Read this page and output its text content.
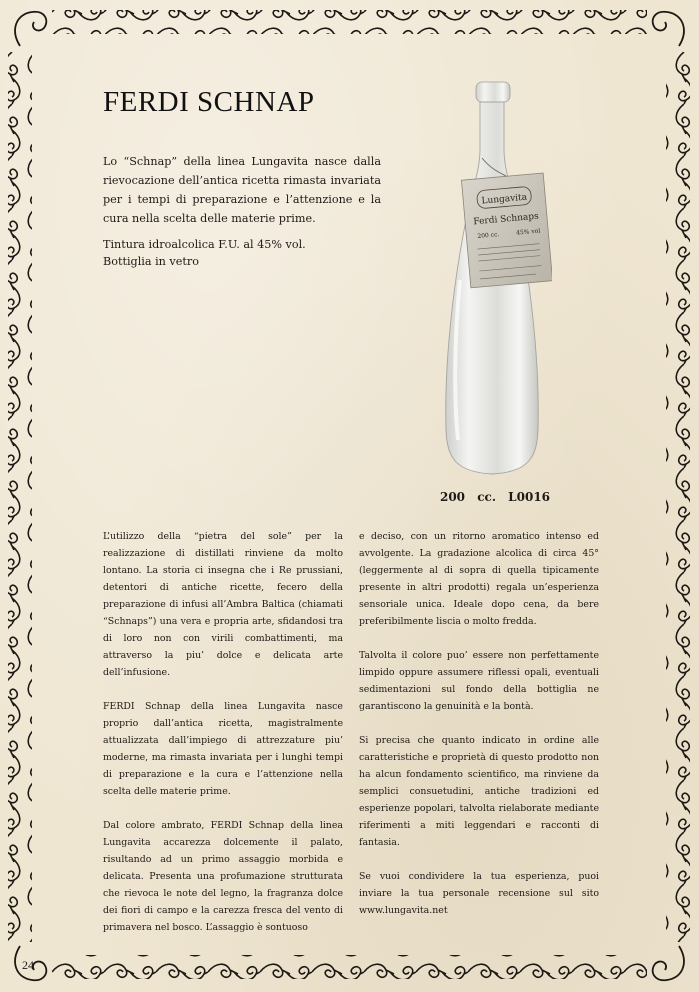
FERDI SCHNAP

Lo “Schnap” della linea Lungavita nasce dalla rievocazione dell’antica ricetta rimasta invariata per i tempi di preparazione e l’attenzione e la cura nella scelta delle materie prime.

Tintura idroalcolica F.U. al 45% vol.
Bottiglia in vetro
Lungavita
Ferdi Schnaps
200 cc.	45% vol
200 cc. L0016

L’utilizzo della “pietra del sole” per la realizzazione di distillati rinviene da molto lontano. La storia ci insegna che i Re prussiani, detentori di antiche ricette, fecero della preparazione di infusi all’Ambra Baltica (chiamati “Schnaps”) una vera e propria arte, sfidandosi tra di loro non con virili combattimenti, ma attraverso la piu’ dolce e delicata arte dell’infusione.

FERDI Schnap della linea Lungavita nasce proprio dall’antica ricetta, magistralmente attualizzata dall’impiego di attrezzature piu’ moderne, ma rimasta invariata per i lunghi tempi di preparazione e la cura e l’attenzione nella scelta delle materie prime.

Dal colore ambrato, FERDI Schnap della linea Lungavita accarezza dolcemente il palato, risultando ad un primo assaggio morbida e delicata. Presenta una profumazione strutturata che rievoca le note del legno, la fragranza dolce dei fiori di campo e la carezza fresca del vento di primavera nel bosco. L’assaggio è sontuoso

e deciso, con un ritorno aromatico intenso ed avvolgente. La gradazione alcolica di circa 45° (leggermente al di sopra di quella tipicamente presente in altri prodotti) regala un’esperienza sensoriale unica. Ideale dopo cena, da bere preferibilmente liscia o molto fredda.

Talvolta il colore puo’ essere non perfettamente limpido oppure assumere riflessi opali, eventuali sedimentazioni sul fondo della bottiglia ne garantiscono la genuinità e la bontà.

Si precisa che quanto indicato in ordine alle caratteristiche e proprietà di questo prodotto non ha alcun fondamento scientifico, ma rinviene da semplici consuetudini, antiche tradizioni ed esperienze popolari, talvolta rielaborate mediante riferimenti a miti leggendari e racconti di fantasia.

Se vuoi condividere la tua esperienza, puoi inviare la tua personale recensione sul sito www.lungavita.net

24
